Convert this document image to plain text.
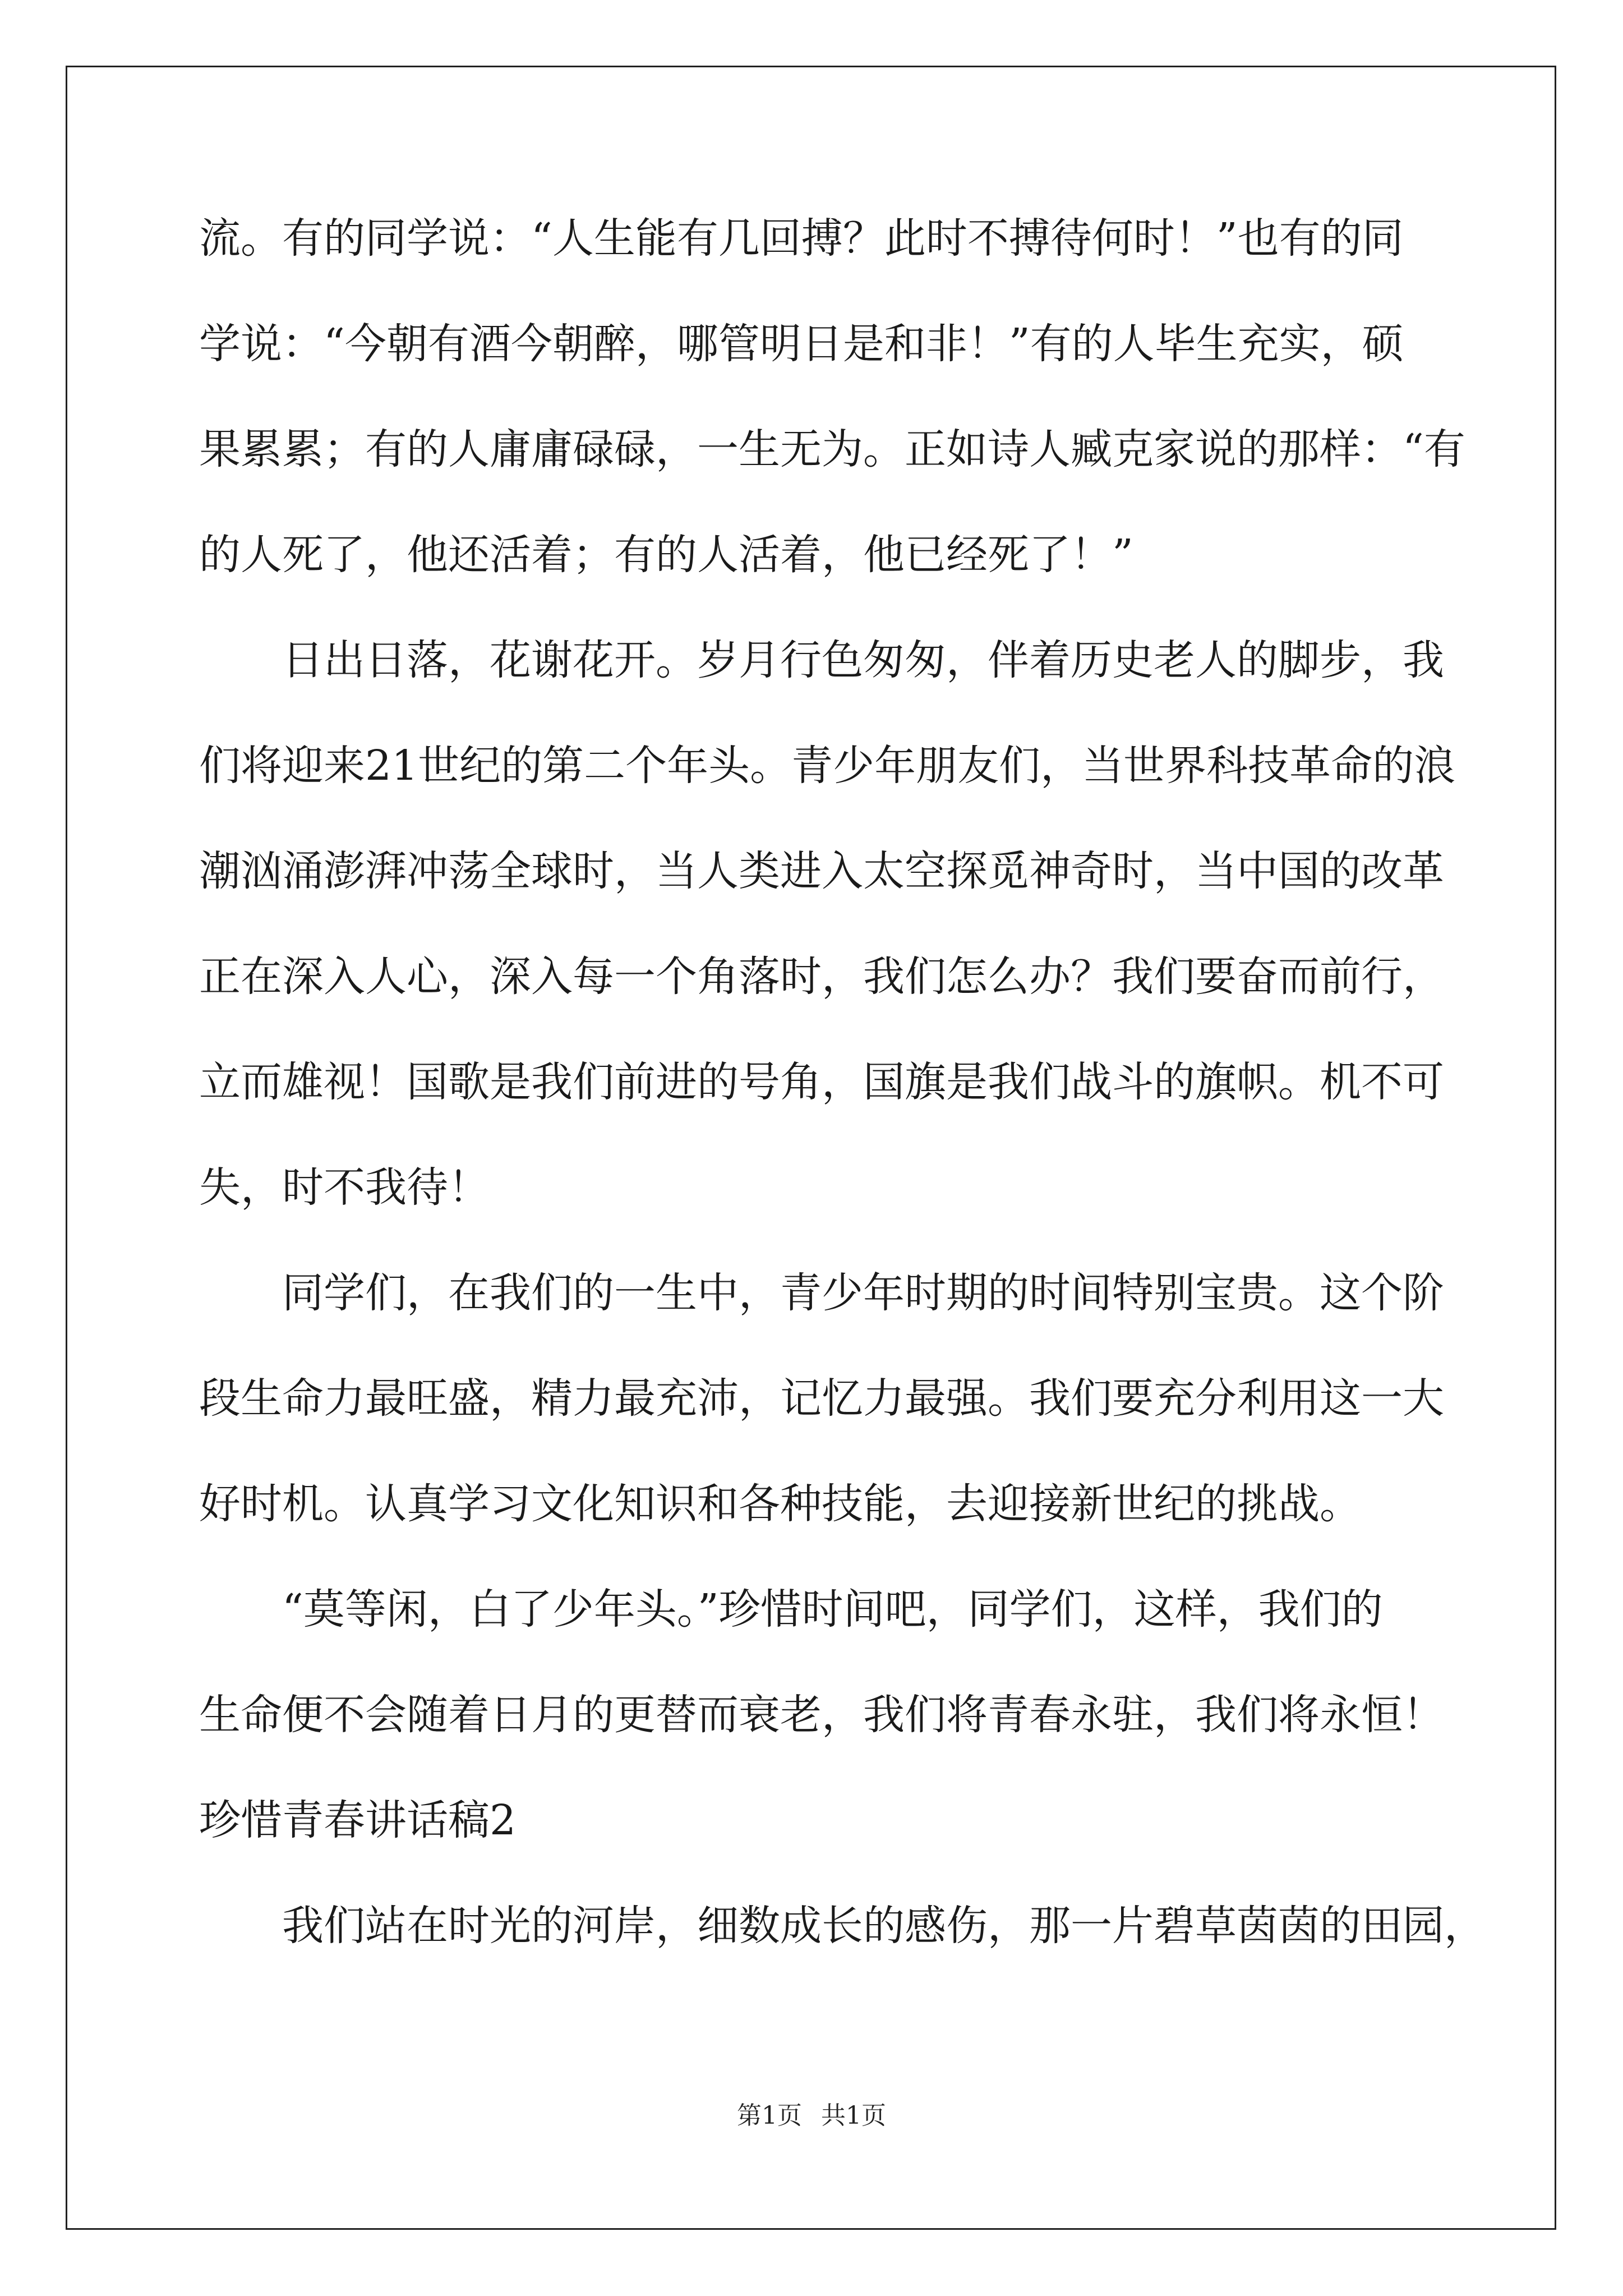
流。有的同学说：“人生能有几回搏？此时不搏待何时！”也有的同
学说：“今朝有酒今朝醉，哪管明日是和非！”有的人毕生充实，硕
果累累；有的人庸庸碌碌，一生无为。正如诗人臧克家说的那样：“有
的人死了，他还活着；有的人活着，他已经死了！”
日出日落，花谢花开。岁月行色匆匆，伴着历史老人的脚步，我
们将迎来21世纪的第二个年头。青少年朋友们，当世界科技革命的浪
潮汹涌澎湃冲荡全球时，当人类进入太空探觅神奇时，当中国的改革
正在深入人心，深入每一个角落时，我们怎么办？我们要奋而前行，
立而雄视！国歌是我们前进的号角，国旗是我们战斗的旗帜。机不可
失，时不我待！
同学们，在我们的一生中，青少年时期的时间特别宝贵。这个阶
段生命力最旺盛，精力最充沛，记忆力最强。我们要充分利用这一大
好时机。认真学习文化知识和各种技能，去迎接新世纪的挑战。
“莫等闲，白了少年头。”珍惜时间吧，同学们，这样，我们的
生命便不会随着日月的更替而衰老，我们将青春永驻，我们将永恒！
珍惜青春讲话稿2
我们站在时光的河岸，细数成长的感伤，那一片碧草茵茵的田园，
第1页 共1页
